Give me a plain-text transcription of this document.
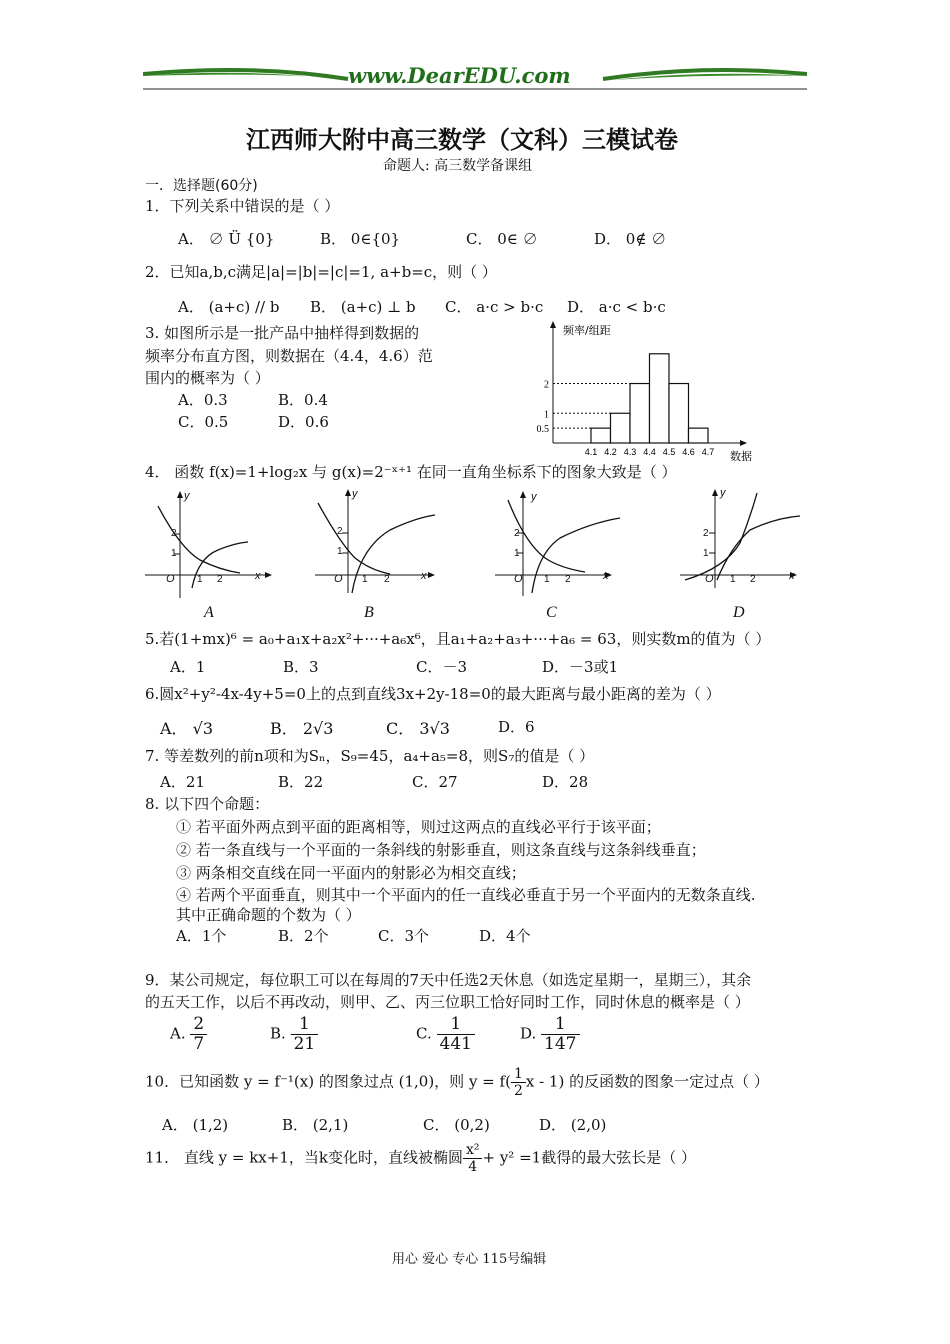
www.DearEDU.com
江西师大附中高三数学（文科）三模试卷
命题人: 高三数学备课组
一．选择题(60分)
1．下列关系中错误的是（ ）
A． ∅ Ü {0}	B． 0∈{0}	C． 0∈ ∅	D． 0∉ ∅
2．已知a,b,c满足|a|=|b|=|c|=1, a+b=c，则（ ）
A． (a+c) // b B． (a+c) ⊥ b C． a·c > b·c D． a·c < b·c
3. 如图所示是一批产品中抽样得到数据的
频率分布直方图，则数据在（4.4，4.6）范
围内的概率为（ ）
A．0.3	B．0.4
C．0.5	D．0.6	0.5
1
2
4.1 4.2 4.3 4.4 4.5 4.6 4.7
频率/组距
数据
4． 函数 f(x)=1+log₂x 与 g(x)=2⁻ˣ⁺¹ 在同一直角坐标系下的图象大致是（ ）
y
2
1
O 1 2	x
y
2
1
O 1 2	x
y
2
1
O 1 2	x
y
2
1
O 1 2	x
A	B	C	D
5.若(1+mx)⁶ = a₀+a₁x+a₂x²+···+a₆x⁶，且a₁+a₂+a₃+···+a₆ = 63，则实数m的值为（ ）
A．1	B．3	C．－3	D．－3或1
6.圆x²+y²-4x-4y+5=0上的点到直线3x+2y-18=0的最大距离与最小距离的差为（ ）
A． √3	B． 2√3	C． 3√3	D．6
7. 等差数列的前n项和为Sₙ，S₉=45，a₄+a₅=8，则S₇的值是（ ）
A．21	B．22	C．27	D．28
8. 以下四个命题：
① 若平面外两点到平面的距离相等，则过这两点的直线必平行于该平面；
② 若一条直线与一个平面的一条斜线的射影垂直，则这条直线与这条斜线垂直；
③ 两条相交直线在同一平面内的射影必为相交直线；
④ 若两个平面垂直，则其中一个平面内的任一直线必垂直于另一个平面内的无数条直线.
其中正确命题的个数为（ ）
A．1个	B．2个	C．3个	D．4个
9．某公司规定，每位职工可以在每周的7天中任选2天休息（如选定星期一，星期三），其余
的五天工作，以后不再改动，则甲、乙、丙三位职工恰好同时工作，同时休息的概率是（ ）
A. $\frac{2}{7}$	B. $\frac{1}{21}$	C. $\frac{1}{441}$	D. $\frac{1}{147}$
10．已知函数 y = f⁻¹(x) 的图象过点 (1,0)，则 $y = f( \frac{1}{2}$ x - 1) 的反函数的图象一定过点（ ）
A． (1,2)	B． (2,1)	C． (0,2)	D． (2,0)
11． 直线 y = kx+1，当k变化时，直线被椭圆 $\frac{\text{x²}}{4} + y^2 =1$截得的最大弦长是（ ）
用心 爱心 专心 115号编辑
